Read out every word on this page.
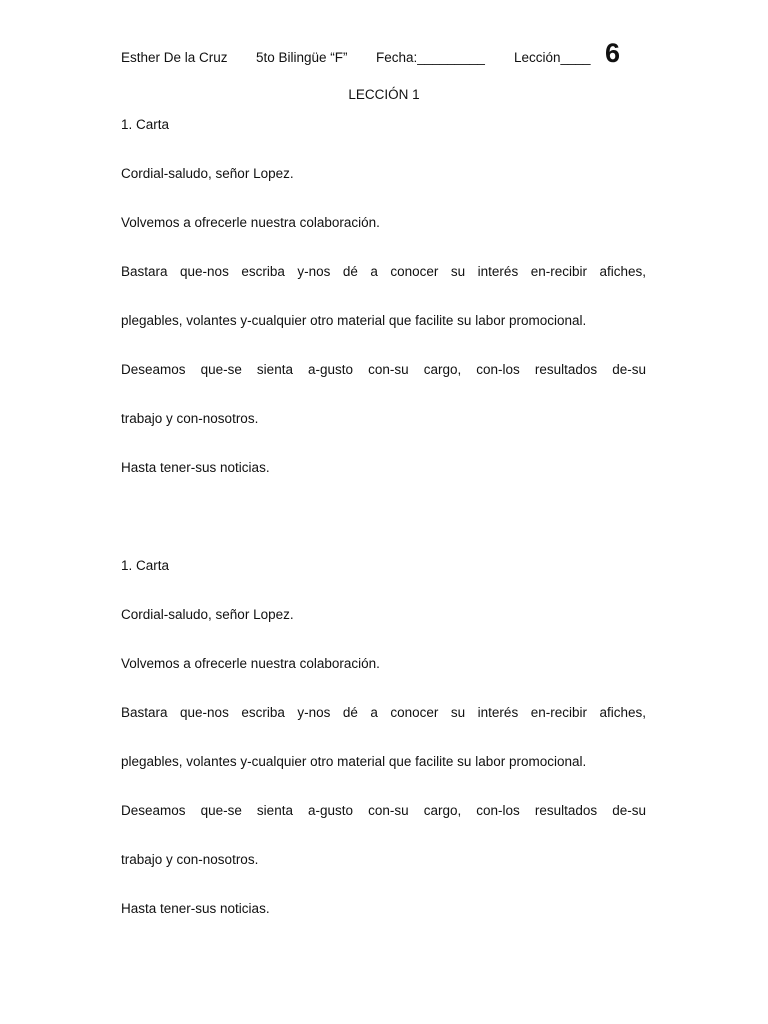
Esther De la Cruz 5to Bilingüe “F” Fecha:_________ Lección____ 6
LECCIÓN 1
1. Carta
Cordial-saludo, señor Lopez.
Volvemos a ofrecerle nuestra colaboración.
Bastara que-nos escriba y-nos dé a conocer su interés en-recibir afiches,
plegables, volantes y-cualquier otro material que facilite su labor promocional.
Deseamos que-se sienta a-gusto con-su cargo, con-los resultados de-su
trabajo y con-nosotros.
Hasta tener-sus noticias.
1. Carta
Cordial-saludo, señor Lopez.
Volvemos a ofrecerle nuestra colaboración.
Bastara que-nos escriba y-nos dé a conocer su interés en-recibir afiches,
plegables, volantes y-cualquier otro material que facilite su labor promocional.
Deseamos que-se sienta a-gusto con-su cargo, con-los resultados de-su
trabajo y con-nosotros.
Hasta tener-sus noticias.
